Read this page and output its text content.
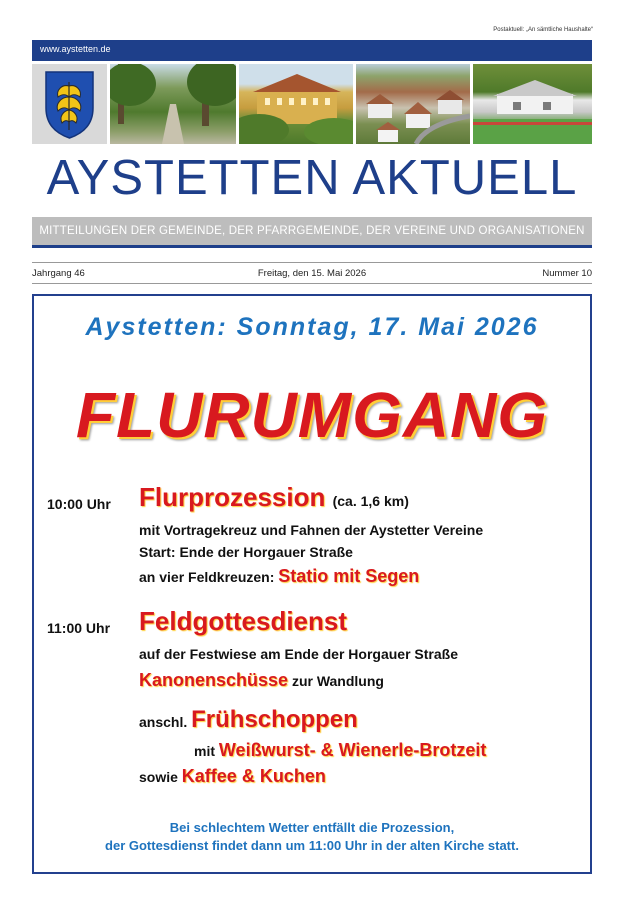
Postaktuell: „An sämtliche Haushalte“
www.aystetten.de
AYSTETTEN AKTUELL
MITTEILUNGEN DER GEMEINDE, DER PFARRGEMEINDE, DER VEREINE UND ORGANISATIONEN
Jahrgang 46	Freitag, den 15. Mai 2026	Nummer 10
Aystetten: Sonntag, 17. Mai 2026
FLURUMGANG
10:00 Uhr Flurprozession (ca. 1,6 km)
mit Vortragekreuz und Fahnen der Aystetter Vereine
Start: Ende der Horgauer Straße
an vier Feldkreuzen: Statio mit Segen
11:00 Uhr Feldgottesdienst
auf der Festwiese am Ende der Horgauer Straße
Kanonenschüsse zur Wandlung
anschl. Frühschoppen
mit Weißwurst- & Wienerle-Brotzeit
sowie Kaffee & Kuchen
Bei schlechtem Wetter entfällt die Prozession,
der Gottesdienst findet dann um 11:00 Uhr in der alten Kirche statt.
